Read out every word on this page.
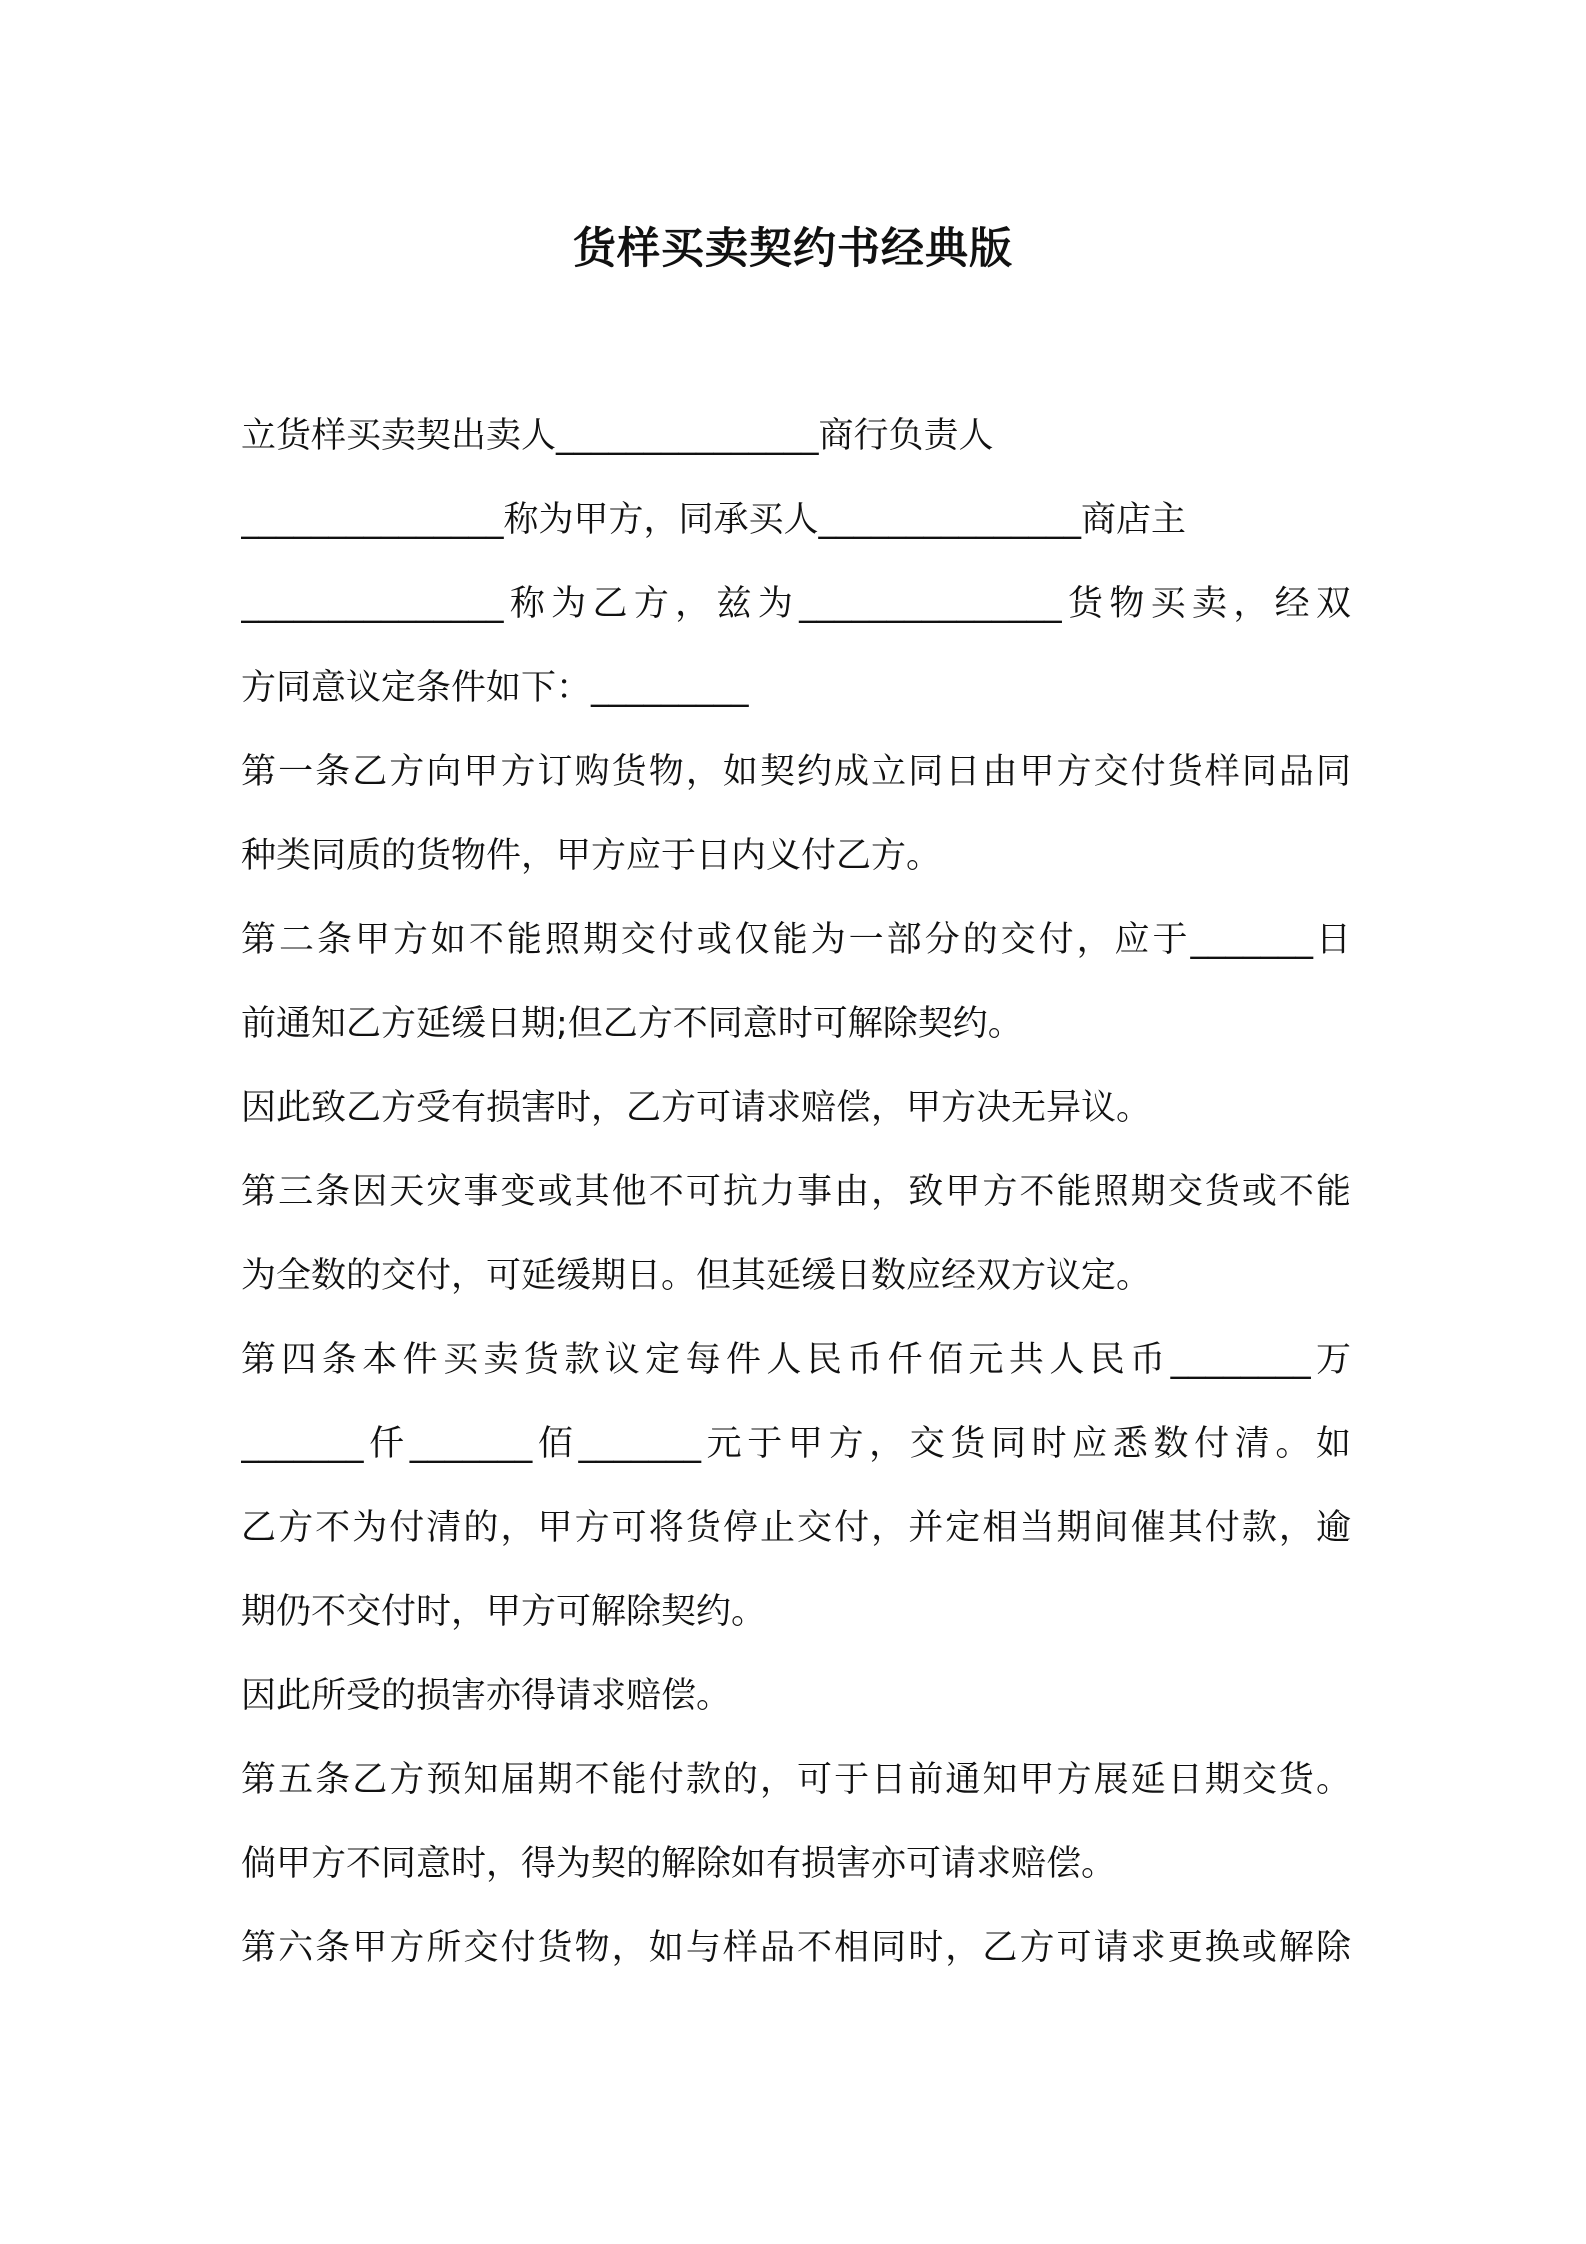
货样买卖契约书经典版
立货样买卖契出卖人_______________商行负责人
_______________称为甲方，同承买人_______________商店主
_______________称为乙方，兹为_______________货物买卖，经双
方同意议定条件如下：_________
第一条乙方向甲方订购货物，如契约成立同日由甲方交付货样同品同
种类同质的货物件，甲方应于日内义付乙方。
第二条甲方如不能照期交付或仅能为一部分的交付，应于_______日
前通知乙方延缓日期;但乙方不同意时可解除契约。
因此致乙方受有损害时，乙方可请求赔偿，甲方决无异议。
第三条因天灾事变或其他不可抗力事由，致甲方不能照期交货或不能
为全数的交付，可延缓期日。但其延缓日数应经双方议定。
第四条本件买卖货款议定每件人民币仟佰元共人民币________万
_______仟_______佰_______元于甲方，交货同时应悉数付清。如
乙方不为付清的，甲方可将货停止交付，并定相当期间催其付款，逾
期仍不交付时，甲方可解除契约。
因此所受的损害亦得请求赔偿。
第五条乙方预知届期不能付款的，可于日前通知甲方展延日期交货。
倘甲方不同意时，得为契的解除如有损害亦可请求赔偿。
第六条甲方所交付货物，如与样品不相同时，乙方可请求更换或解除
